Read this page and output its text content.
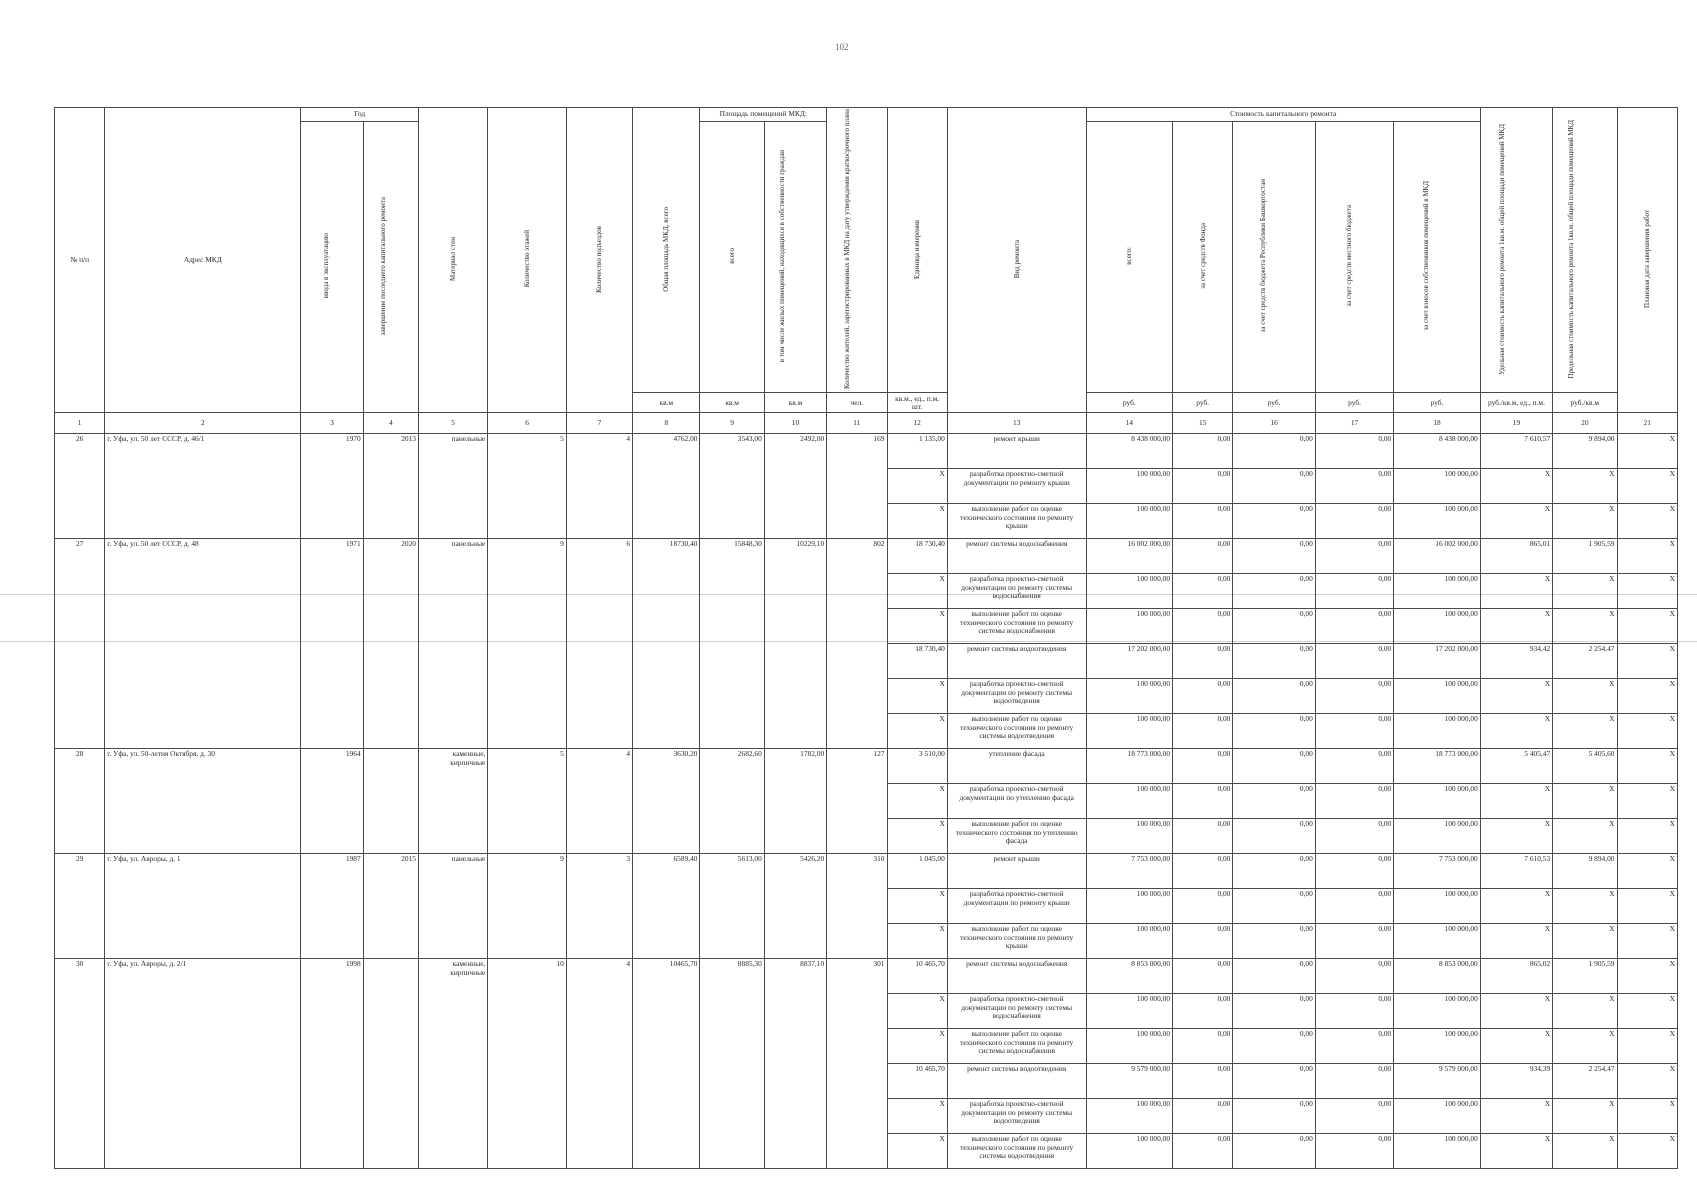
102
№ п/п	Адрес МКД	Год		Материал стен	Количество этажей	Количество подъездов	Общая площадь МКД, всего	Площадь помещений МКД:		Количество жителей, зарегистрированных в МКД на дату утверждения краткосрочного плана	Единица измерения	Вид ремонта	Стоимость капитального ремонта					Удельная стоимость капитального ремонта 1кв.м. общей площади помещений МКД	Предельная стоимость капитального ремонта 1кв.м. общей площади помещений МКД	Плановая дата завершения работ
		ввода в эксплуатацию	завершение последнего капитального ремонта					всего	в том числе жилых помещений, находящихся в собственности граждан				всего:	за счет средств Фонда	за счет средств бюджета Республики Башкортостан	за счет средств местного бюджета	за счет взносов собственников помещений в МКД			
							кв.м	кв.м	кв.м	чел.	кв.м., ед., п.м, шт.		руб.	руб.	руб.	руб.	руб.	руб./кв.м, ед., п.м.	руб./кв.м	
1	2	3	4	5	6	7	8	9	10	11	12	13	14	15	16	17	18	19	20	21
26	г. Уфа, ул. 50 лет СССР, д. 46/1	1970	2013	панельные	5	4	4762,00	3543,00	2492,00	169	1 135,00	ремонт крыши	8 438 000,00	0,00	0,00	0,00	8 438 000,00	7 610,57	9 894,00	X
											X	разработка проектно-сметной документации по ремонту крыши	100 000,00	0,00	0,00	0,00	100 000,00	X	X	X
											X	выполнение работ по оценке технического состояния по ремонту крыши	100 000,00	0,00	0,00	0,00	100 000,00	X	X	X
27	г. Уфа, ул. 50 лет СССР, д. 48	1971	2020	панельные	9	6	18730,40	15848,30	10229,10	802	18 730,40	ремонт системы водоснабжения	16 002 000,00	0,00	0,00	0,00	16 002 000,00	865,01	1 905,59	X
											X	разработка проектно-сметной документации по ремонту системы водоснабжения	100 000,00	0,00	0,00	0,00	100 000,00	X	X	X
											X	выполнение работ по оценке технического состояния по ремонту системы водоснабжения	100 000,00	0,00	0,00	0,00	100 000,00	X	X	X
											18 730,40	ремонт системы водоотведения	17 202 000,00	0,00	0,00	0,00	17 202 000,00	934,42	2 254,47	X
											X	разработка проектно-сметной документации по ремонту системы водоотведения	100 000,00	0,00	0,00	0,00	100 000,00	X	X	X
											X	выполнение работ по оценке технического состояния по ремонту системы водоотведения	100 000,00	0,00	0,00	0,00	100 000,00	X	X	X
28	г. Уфа, ул. 50-летия Октября, д. 30	1964		каменные, кирпичные	5	4	3630,20	2682,60	1782,00	127	3 510,00	утепление фасада	18 773 000,00	0,00	0,00	0,00	18 773 000,00	5 405,47	5 405,60	X
											X	разработка проектно-сметной документации по утеплению фасада	100 000,00	0,00	0,00	0,00	100 000,00	X	X	X
											X	выполнение работ по оценке технического состояния по утеплению фасада	100 000,00	0,00	0,00	0,00	100 000,00	X	X	X
29	г. Уфа, ул. Авроры, д. 1	1987	2015	панельные	9	3	6589,40	5613,00	5426,20	310	1 045,00	ремонт крыши	7 753 000,00	0,00	0,00	0,00	7 753 000,00	7 610,53	9 894,00	X
											X	разработка проектно-сметной документации по ремонту крыши	100 000,00	0,00	0,00	0,00	100 000,00	X	X	X
											X	выполнение работ по оценке технического состояния по ремонту крыши	100 000,00	0,00	0,00	0,00	100 000,00	X	X	X
30	г. Уфа, ул. Авроры, д. 2/1	1998		каменные, кирпичные	10	4	10465,70	8885,30	8837,10	301	10 465,70	ремонт системы водоснабжения	8 853 000,00	0,00	0,00	0,00	8 853 000,00	865,02	1 905,59	X
											X	разработка проектно-сметной документации по ремонту системы водоснабжения	100 000,00	0,00	0,00	0,00	100 000,00	X	X	X
											X	выполнение работ по оценке технического состояния по ремонту системы водоснабжения	100 000,00	0,00	0,00	0,00	100 000,00	X	X	X
											10 465,70	ремонт системы водоотведения	9 579 000,00	0,00	0,00	0,00	9 579 000,00	934,39	2 254,47	X
											X	разработка проектно-сметной документации по ремонту системы водоотведения	100 000,00	0,00	0,00	0,00	100 000,00	X	X	X
											X	выполнение работ по оценке технического состояния по ремонту системы водоотведения	100 000,00	0,00	0,00	0,00	100 000,00	X	X	X
